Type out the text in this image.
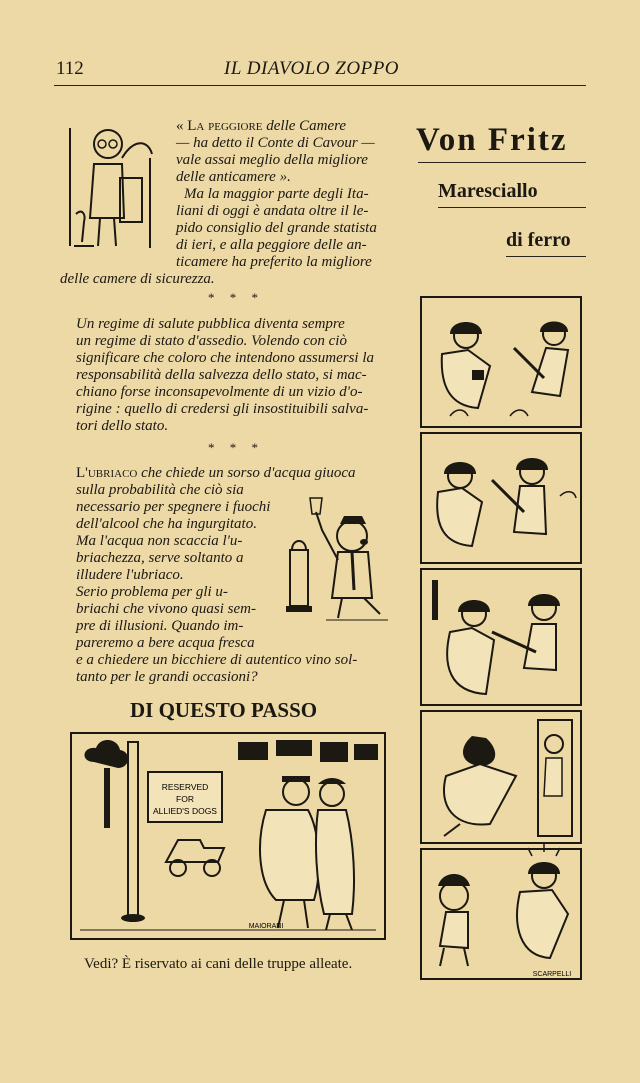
112	IL DIAVOLO ZOPPO
« La peggiore delle Camere
— ha detto il Conte di Cavour —
vale assai meglio della migliore
delle anticamere ».
Ma la maggior parte degli Ita-
liani di oggi è andata oltre il le-
pido consiglio del grande statista
di ieri, e alla peggiore delle an-
ticamere ha preferito la migliore
delle camere di sicurezza.
* * *
Un regime di salute pubblica diventa sempre
un regime di stato d'assedio. Volendo con ciò
significare che coloro che intendono assumersi la
responsabilità della salvezza dello stato, si mac-
chiano forse inconsapevolmente di un vizio d'o-
rigine : quello di credersi gli insostituibili salva-
tori dello stato.
* * *
L'ubriaco che chiede un sorso d'acqua giuoca
sulla probabilità che ciò sia
necessario per spegnere i fuochi
dell'alcool che ha ingurgitato.
Ma l'acqua non scaccia l'u-
briachezza, serve soltanto a
illudere l'ubriaco.
Serio problema per gli u-
briachi che vivono quasi sem-
pre di illusioni. Quando im-
pareremo a bere acqua fresca
e a chiedere un bicchiere di autentico vino sol-
tanto per le grandi occasioni?
DI QUESTO PASSO
RESERVED
FOR
ALLIED'S DOGS
MAIORANI
Vedi? È riservato ai cani delle truppe alleate.
Von Fritz
Maresciallo
di ferro
SCARPELLI
